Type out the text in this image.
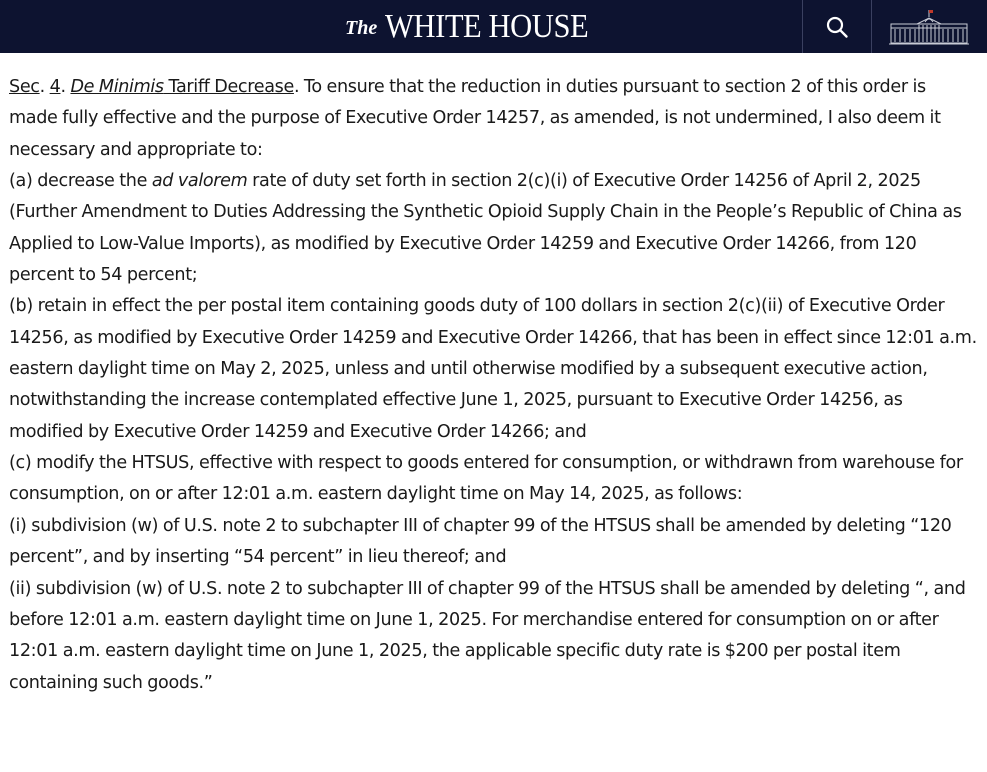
The WHITE HOUSE

Sec. 4. De Minimis Tariff Decrease. To ensure that the reduction in duties pursuant to section 2 of this order is made fully effective and the purpose of Executive Order 14257, as amended, is not undermined, I also deem it necessary and appropriate to:

(a) decrease the ad valorem rate of duty set forth in section 2(c)(i) of Executive Order 14256 of April 2, 2025 (Further Amendment to Duties Addressing the Synthetic Opioid Supply Chain in the People’s Republic of China as Applied to Low-Value Imports), as modified by Executive Order 14259 and Executive Order 14266, from 120 percent to 54 percent;

(b) retain in effect the per postal item containing goods duty of 100 dollars in section 2(c)(ii) of Executive Order 14256, as modified by Executive Order 14259 and Executive Order 14266, that has been in effect since 12:01 a.m. eastern daylight time on May 2, 2025, unless and until otherwise modified by a subsequent executive action, notwithstanding the increase contemplated effective June 1, 2025, pursuant to Executive Order 14256, as modified by Executive Order 14259 and Executive Order 14266; and

(c) modify the HTSUS, effective with respect to goods entered for consumption, or withdrawn from warehouse for consumption, on or after 12:01 a.m. eastern daylight time on May 14, 2025, as follows:

(i) subdivision (w) of U.S. note 2 to subchapter III of chapter 99 of the HTSUS shall be amended by deleting “120 percent”, and by inserting “54 percent” in lieu thereof; and

(ii) subdivision (w) of U.S. note 2 to subchapter III of chapter 99 of the HTSUS shall be amended by deleting “, and before 12:01 a.m. eastern daylight time on June 1, 2025. For merchandise entered for consumption on or after 12:01 a.m. eastern daylight time on June 1, 2025, the applicable specific duty rate is $200 per postal item containing such goods.”
